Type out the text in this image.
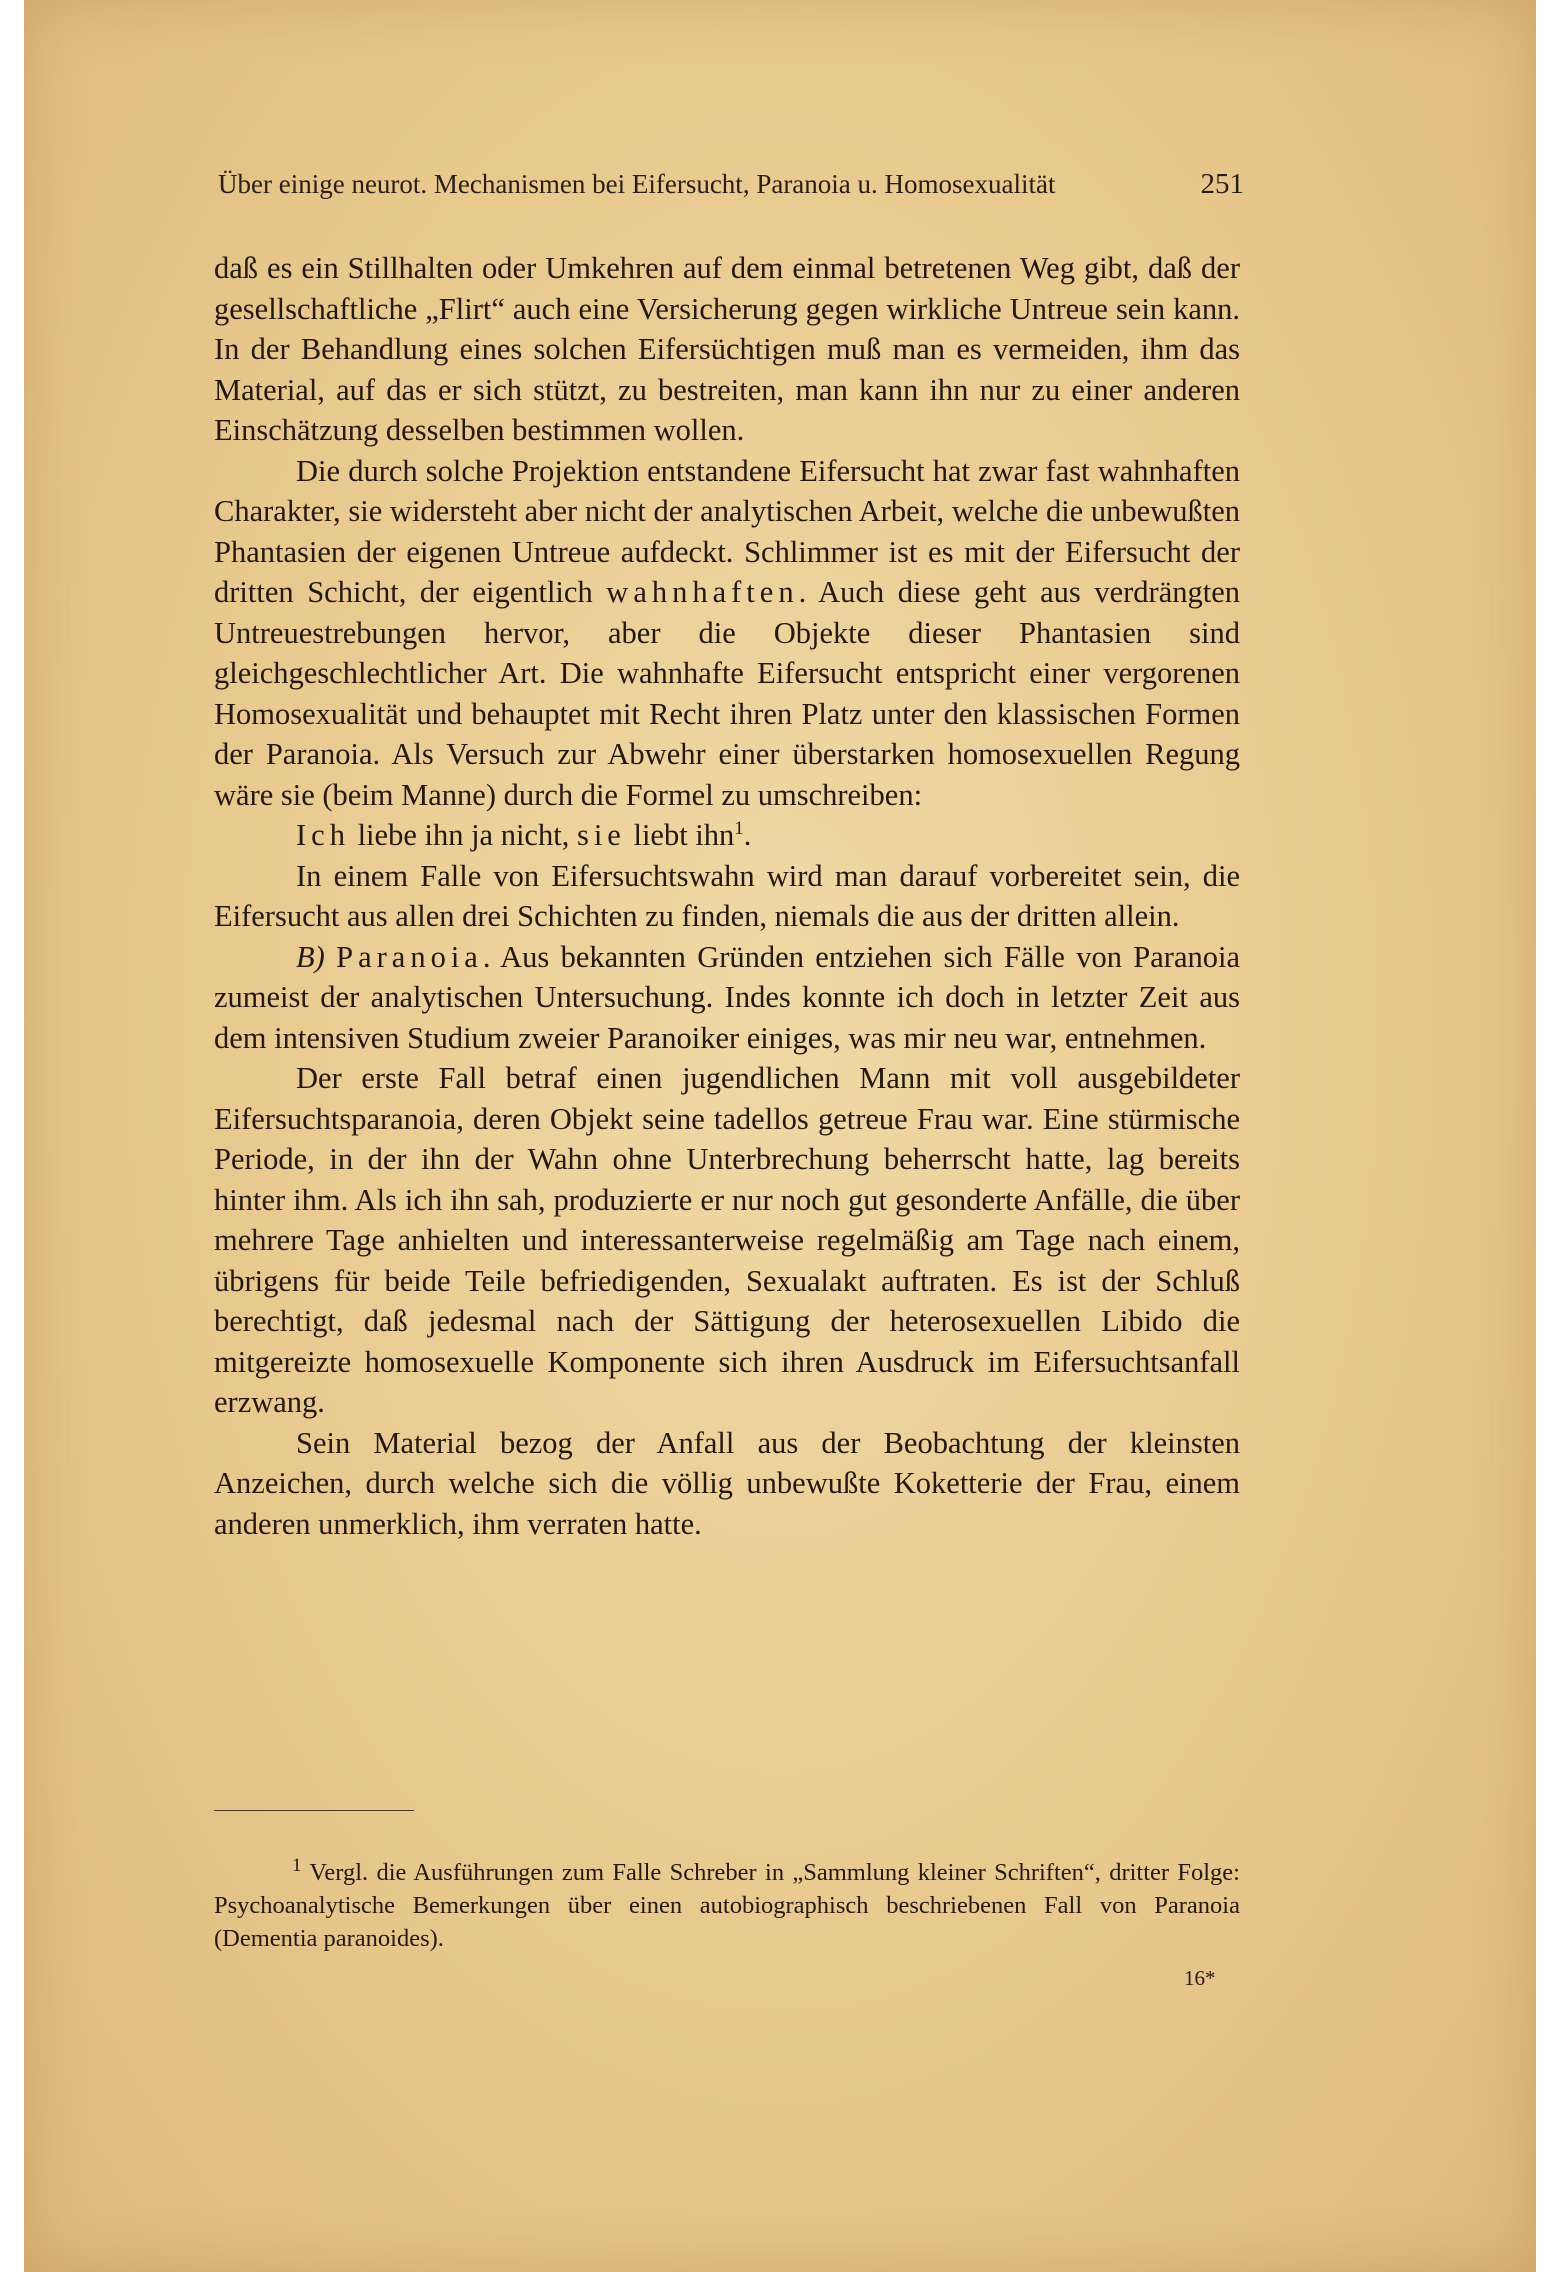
Über einige neurot. Mechanismen bei Eifersucht, Paranoia u. Homosexualität	251

daß es ein Stillhalten oder Umkehren auf dem einmal betretenen Weg gibt, daß der gesellschaftliche „Flirt“ auch eine Versicherung gegen wirkliche Untreue sein kann. In der Behandlung eines solchen Eifersüchtigen muß man es vermeiden, ihm das Material, auf das er sich stützt, zu bestreiten, man kann ihn nur zu einer anderen Einschätzung desselben bestimmen wollen.

Die durch solche Projektion entstandene Eifersucht hat zwar fast wahnhaften Charakter, sie widersteht aber nicht der analytischen Arbeit, welche die unbewußten Phantasien der eigenen Untreue aufdeckt. Schlimmer ist es mit der Eifersucht der dritten Schicht, der eigentlich wahnhaften. Auch diese geht aus verdrängten Untreuestrebungen hervor, aber die Objekte dieser Phantasien sind gleichgeschlechtlicher Art. Die wahnhafte Eifersucht entspricht einer vergorenen Homosexualität und behauptet mit Recht ihren Platz unter den klassischen Formen der Paranoia. Als Versuch zur Abwehr einer überstarken homosexuellen Regung wäre sie (beim Manne) durch die Formel zu umschreiben:

Ich liebe ihn ja nicht, sie liebt ihn$^1$.

In einem Falle von Eifersuchtswahn wird man darauf vorbereitet sein, die Eifersucht aus allen drei Schichten zu finden, niemals die aus der dritten allein.

B) Paranoia. Aus bekannten Gründen entziehen sich Fälle von Paranoia zumeist der analytischen Untersuchung. Indes konnte ich doch in letzter Zeit aus dem intensiven Studium zweier Paranoiker einiges, was mir neu war, entnehmen.

Der erste Fall betraf einen jugendlichen Mann mit voll ausgebildeter Eifersuchtsparanoia, deren Objekt seine tadellos getreue Frau war. Eine stürmische Periode, in der ihn der Wahn ohne Unterbrechung beherrscht hatte, lag bereits hinter ihm. Als ich ihn sah, produzierte er nur noch gut gesonderte Anfälle, die über mehrere Tage anhielten und interessanterweise regelmäßig am Tage nach einem, übrigens für beide Teile befriedigenden, Sexualakt auftraten. Es ist der Schluß berechtigt, daß jedesmal nach der Sättigung der heterosexuellen Libido die mitgereizte homosexuelle Komponente sich ihren Ausdruck im Eifersuchtsanfall erzwang.

Sein Material bezog der Anfall aus der Beobachtung der kleinsten Anzeichen, durch welche sich die völlig unbewußte Koketterie der Frau, einem anderen unmerklich, ihm verraten hatte.

$^1$ Vergl. die Ausführungen zum Falle Schreber in „Sammlung kleiner Schriften“, dritter Folge: Psychoanalytische Bemerkungen über einen autobiographisch beschriebenen Fall von Paranoia (Dementia paranoides).
16*
